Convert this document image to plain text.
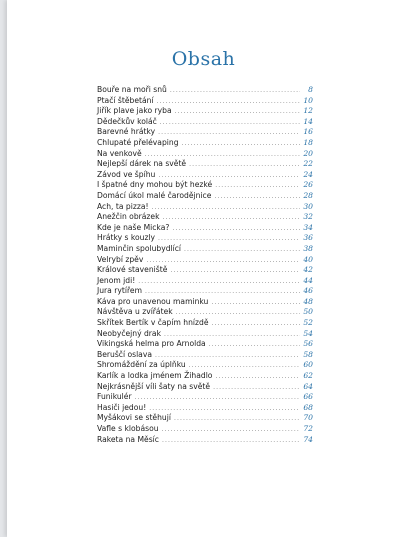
Obsah
Bouře na moři snů .....	8
Ptačí štěbetání .....	10
Jiřík plave jako ryba .....	12
Dědečkův koláč .....	14
Barevné hrátky .....	16
Chlupaté přelévaping .....	18
Na venkově .....	20
Nejlepší dárek na světě .....	22
Závod ve špíhu .....	24
I špatné dny mohou být hezké .....	26
Domácí úkol malé čarodějnice .....	28
Ach, ta pizza! .....	30
Anežčin obrázek .....	32
Kde je naše Micka? .....	34
Hrátky s kouzly .....	36
Maminčin spolubydlící .....	38
Velrybí zpěv .....	40
Králové staveniště .....	42
Jenom jdi! .....	44
Jura rytířem .....	46
Káva pro unavenou maminku .....	48
Návštěva u zvířátek .....	50
Skřítek Bertík v čapím hnízdě .....	52
Neobyčejný drak .....	54
Vikingská helma pro Arnolda .....	56
Beruščí oslava .....	58
Shromáždění za úplňku .....	60
Karlík a lodka jménem Žihadlo .....	62
Nejkrásnější víli šaty na světě .....	64
Funikulér .....	66
Hasiči jedou! .....	68
Myšákovi se stěhují .....	70
Vafle s klobásou .....	72
Raketa na Měsíc .....	74
